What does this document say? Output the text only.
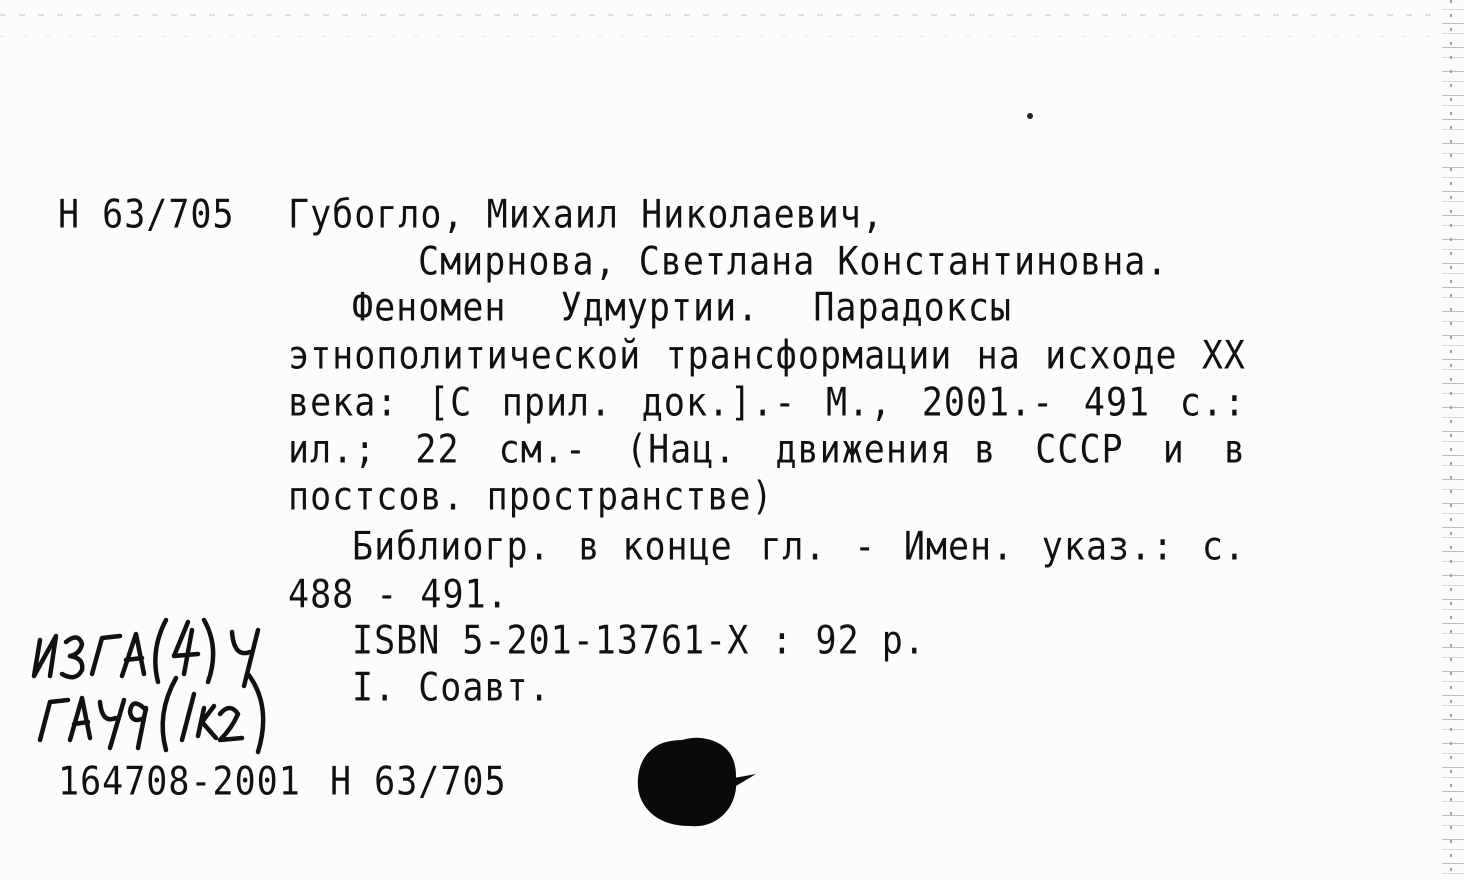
Н 63/705 Губогло, Михаил Николаевич,
Смирнова, Светлана Константиновна.
Феномен Удмуртии. Парадоксы
этнополитической трансформации на исходе XX
века: [С прил. док.].- М., 2001.- 491 с.:
ил.; 22 см.- (Нац. движения в СССР и в
постсов. пространстве)
Библиогр. в конце гл. - Имен. указ.: с.
488 - 491.
ISBN 5-201-13761-X : 92 р.
I. Соавт.
164708-2001 Н 63/705
